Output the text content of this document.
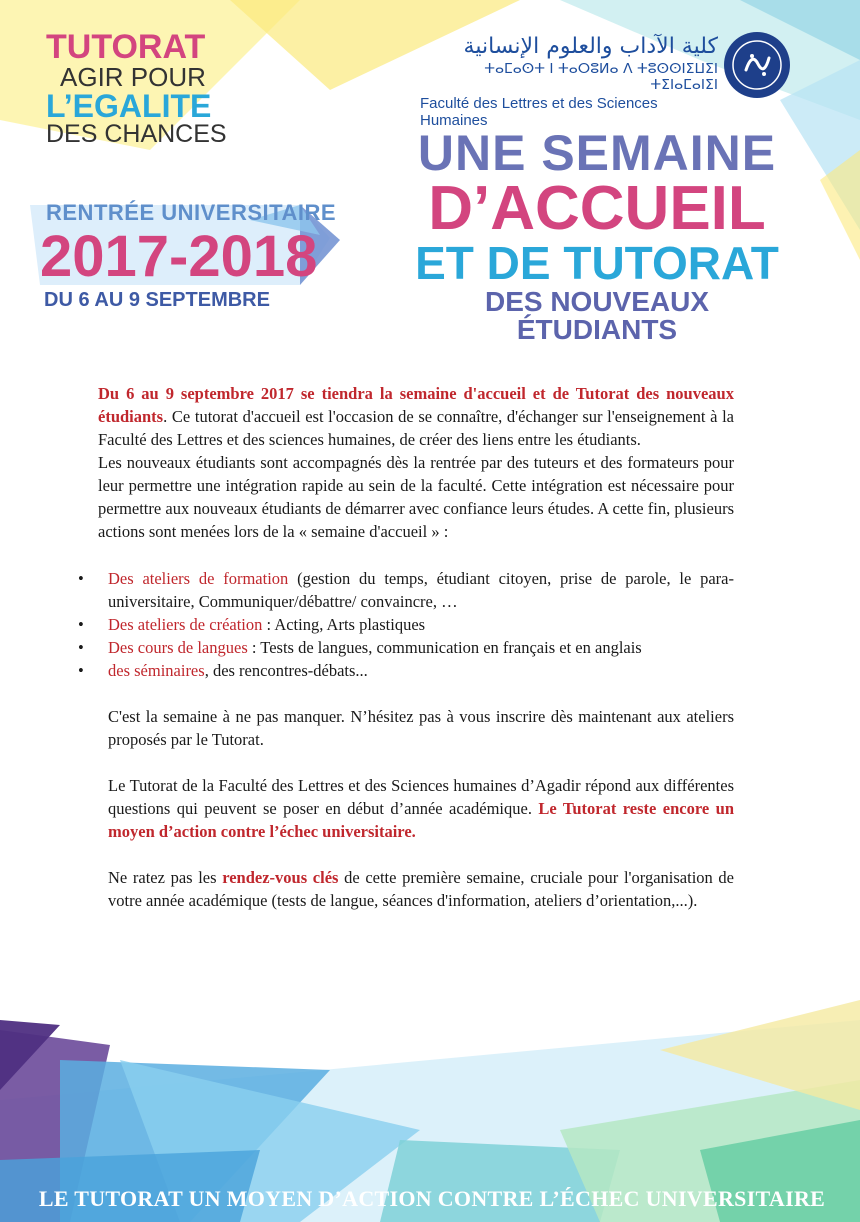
TUTORAT
AGIR POUR
L’EGALITE
DES CHANCES
كلية الآداب والعلوم الإنسانية
ⵜⴰⵎⴰⵙⵜ ⵏ ⵜⴰⵔⵓⵍⴰ ⴷ ⵜⵓⵙⵙⵏⵉⵡⵉⵏ ⵜⵉⵏⴰⵎⴰⵏⵉⵏ
Faculté des Lettres et des Sciences Humaines
UNE SEMAINE
D’ACCUEIL
ET DE TUTORAT
DES NOUVEAUX ÉTUDIANTS
RENTRÉE UNIVERSITAIRE
2017-2018
DU 6 AU 9 SEPTEMBRE

Du 6 au 9 septembre 2017 se tiendra la semaine d'accueil et de Tutorat des nouveaux étudiants. Ce tutorat d'accueil est l'occasion de se connaître, d'échanger sur l'enseignement à la Faculté des Lettres et des sciences humaines, de créer des liens entre les étudiants.

Les nouveaux étudiants sont accompagnés dès la rentrée par des tuteurs et des formateurs pour leur permettre une intégration rapide au sein de la faculté. Cette intégration est nécessaire pour permettre aux nouveaux étudiants de démarrer avec confiance leurs études. A cette fin, plusieurs actions sont menées lors de la « semaine d'accueil » :

• Des ateliers de formation (gestion du temps, étudiant citoyen, prise de parole, le para-universitaire, Communiquer/débattre/ convaincre, …
• Des ateliers de création : Acting, Arts plastiques
• Des cours de langues : Tests de langues, communication en français et en anglais
• des séminaires, des rencontres-débats...

C'est la semaine à ne pas manquer. N’hésitez pas à vous inscrire dès maintenant aux ateliers proposés par le Tutorat.

Le Tutorat de la Faculté des Lettres et des Sciences humaines d’Agadir répond aux différentes questions qui peuvent se poser en début d’année académique. Le Tutorat reste encore un moyen d’action contre l’échec universitaire.

Ne ratez pas les rendez-vous clés de cette première semaine, cruciale pour l'organisation de votre année académique (tests de langue, séances d'information, ateliers d’orientation,...).

LE TUTORAT UN MOYEN D’ACTION CONTRE L’ÉCHEC UNIVERSITAIRE
